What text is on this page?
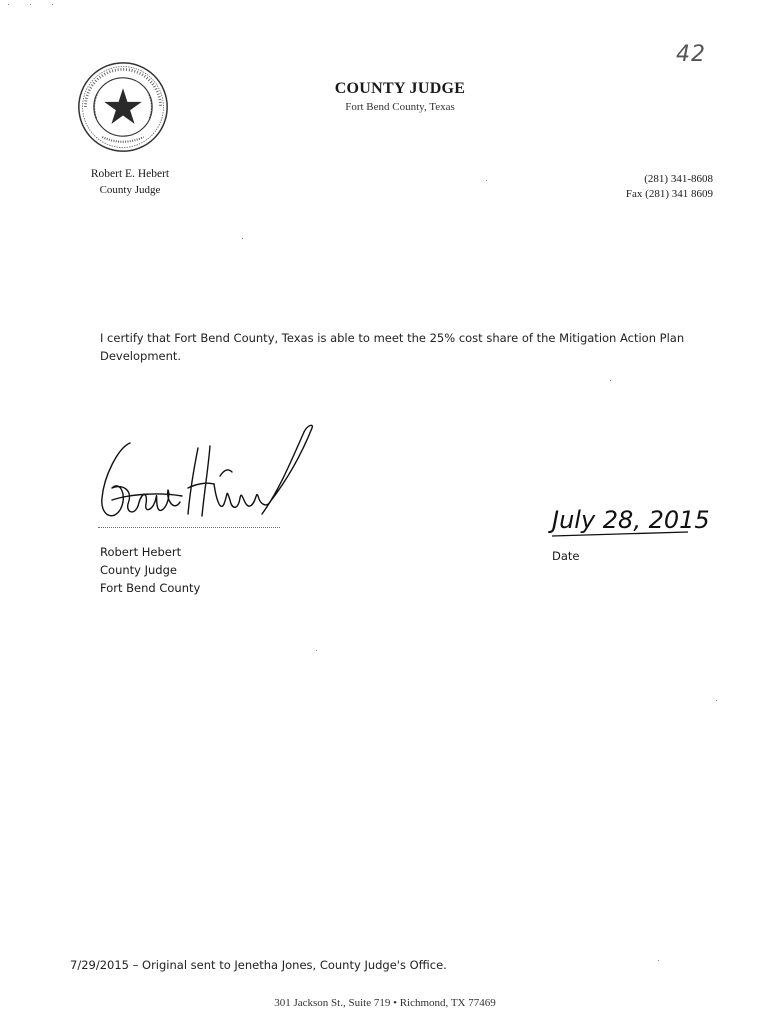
42
COUNTY JUDGE
Fort Bend County, Texas
Robert E. Hebert
County Judge
(281) 341-8608
Fax (281) 341 8609
I certify that Fort Bend County, Texas is able to meet the 25% cost share of the Mitigation Action Plan Development.
Robert Hebert
County Judge
Fort Bend County
July 28, 2015
Date
7/29/2015 – Original sent to Jenetha Jones, County Judge's Office.
301 Jackson St., Suite 719 • Richmond, TX 77469
